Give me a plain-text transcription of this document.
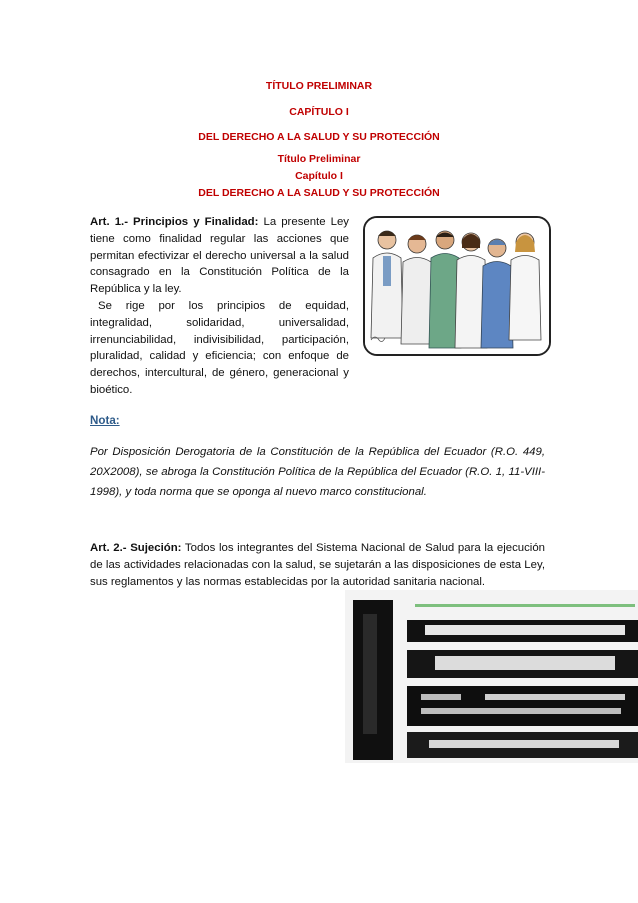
TÍTULO PRELIMINAR
CAPÍTULO I
DEL DERECHO A LA SALUD Y SU PROTECCIÓN
Título Preliminar
Capítulo I
DEL DERECHO A LA SALUD Y SU PROTECCIÓN
Art. 1.- Principios y Finalidad: La presente Ley tiene como finalidad regular las acciones que permitan efectivizar el derecho universal a la salud consagrado en la Constitución Política de la República y la ley.
Se rige por los principios de equidad, integralidad, solidaridad, universalidad, irrenunciabilidad, indivisibilidad, participación, pluralidad, calidad y eficiencia; con enfoque de derechos, intercultural, de género, generacional y bioético.
Nota:
Por Disposición Derogatoria de la Constitución de la República del Ecuador (R.O. 449, 20X2008), se abroga la Constitución Política de la República del Ecuador (R.O. 1, 11-VIII-1998), y toda norma que se oponga al nuevo marco constitucional.
Art. 2.- Sujeción: Todos los integrantes del Sistema Nacional de Salud para la ejecución de las actividades relacionadas con la salud, se sujetarán a las disposiciones de esta Ley, sus reglamentos y las normas establecidas por la autoridad sanitaria nacional.
